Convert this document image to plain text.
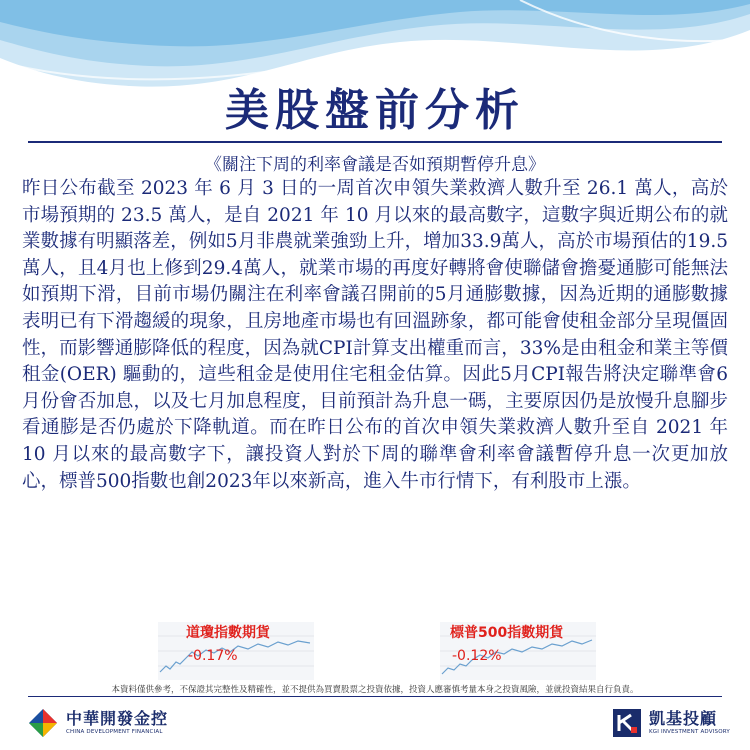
美股盤前分析
《關注下周的利率會議是否如預期暫停升息》
昨日公布截至 2023 年 6 月 3 日的一周首次申領失業救濟人數升至 26.1 萬人，高於市場預期的 23.5 萬人，是自 2021 年 10 月以來的最高數字，這數字與近期公布的就業數據有明顯落差，例如5月非農就業強勁上升，增加33.9萬人，高於市場預估的19.5萬人，且4月也上修到29.4萬人，就業市場的再度好轉將會使聯儲會擔憂通膨可能無法如預期下滑，目前市場仍關注在利率會議召開前的5月通膨數據，因為近期的通膨數據表明已有下滑趨緩的現象，且房地產市場也有回溫跡象，都可能會使租金部分呈現僵固性，而影響通膨降低的程度，因為就CPI計算支出權重而言，33%是由租金和業主等價租金(OER) 驅動的，這些租金是使用住宅租金估算。因此5月CPI報告將決定聯準會6月份會否加息，以及七月加息程度，目前預計為升息一碼，主要原因仍是放慢升息腳步看通膨是否仍處於下降軌道。而在昨日公布的首次申領失業救濟人數升至自 2021 年 10 月以來的最高數字下，讓投資人對於下周的聯準會利率會議暫停升息一次更加放心，標普500指數也創2023年以來新高，進入牛市行情下，有利股市上漲。
道瓊指數期貨
-0.17%
標普500指數期貨
-0.12%
本資料僅供參考，不保證其完整性及精確性，並不提供為買賣股票之投資依據，投資人應審慎考量本身之投資風險，並就投資結果自行負責。
中華開發金控
CHINA DEVELOPMENT FINANCIAL
凱基投顧
KGI INVESTMENT ADVISORY
